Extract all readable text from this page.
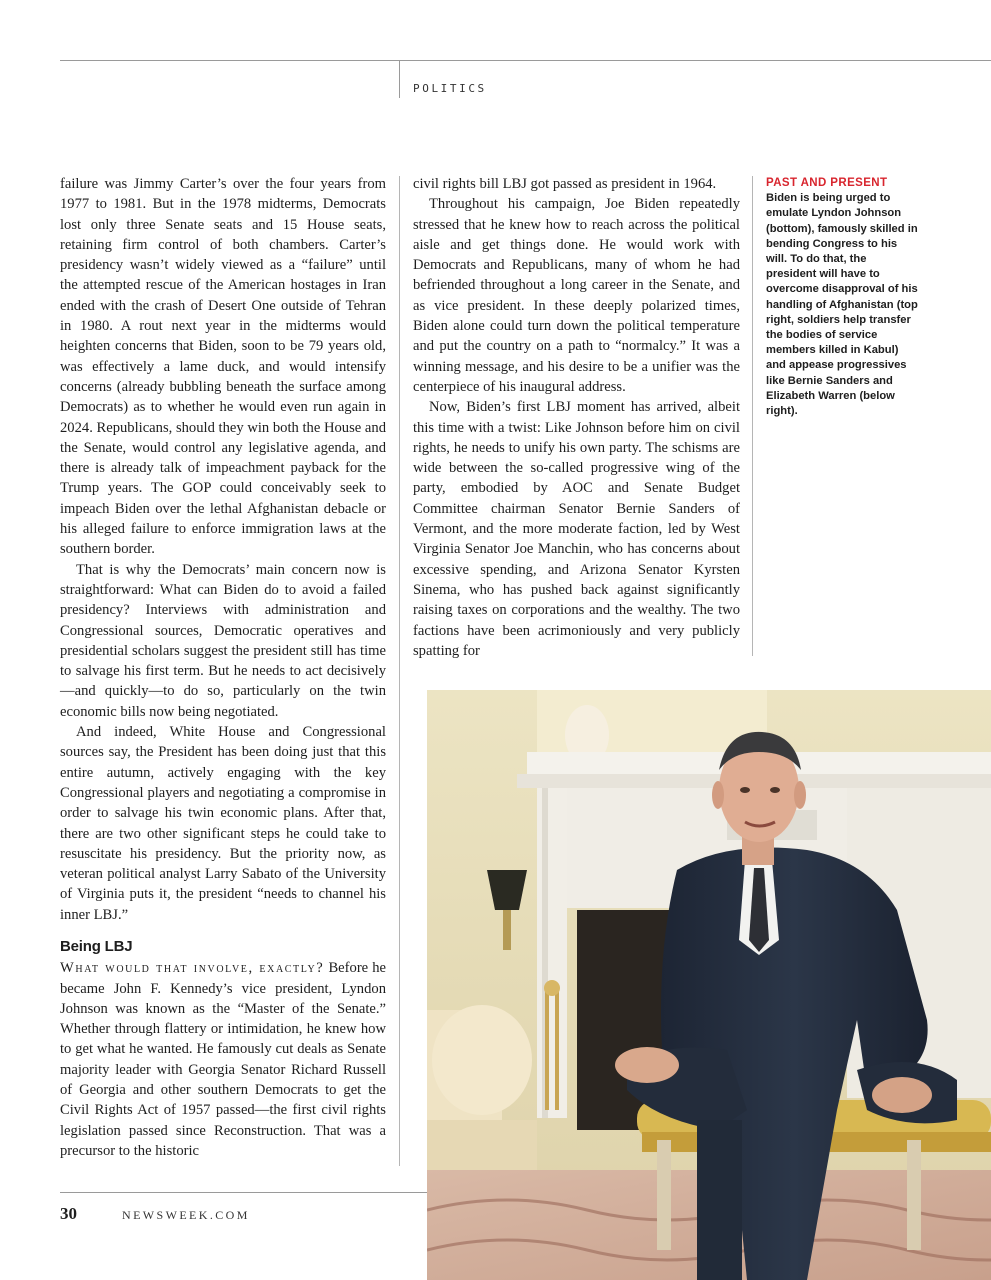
POLITICS

failure was Jimmy Carter’s over the four years from 1977 to 1981. But in the 1978 midterms, Democrats lost only three Senate seats and 15 House seats, retaining firm control of both chambers. Carter’s presidency wasn’t widely viewed as a “failure” until the attempted rescue of the American hostages in Iran ended with the crash of Desert One outside of Tehran in 1980. A rout next year in the midterms would heighten concerns that Biden, soon to be 79 years old, was effectively a lame duck, and would intensify concerns (already bubbling beneath the surface among Democrats) as to whether he would even run again in 2024. Republicans, should they win both the House and the Senate, would control any legislative agenda, and there is already talk of impeachment payback for the Trump years. The GOP could conceivably seek to impeach Biden over the lethal Afghanistan debacle or his alleged failure to enforce immigration laws at the southern border.

That is why the Democrats’ main concern now is straightforward: What can Biden do to avoid a failed presidency? Interviews with administration and Congressional sources, Democratic operatives and presidential scholars suggest the president still has time to salvage his first term. But he needs to act decisively—and quickly—to do so, particularly on the twin economic bills now being negotiated.

And indeed, White House and Congressional sources say, the President has been doing just that this entire autumn, actively engaging with the key Congressional players and negotiating a compromise in order to salvage his twin economic plans. After that, there are two other significant steps he could take to resuscitate his presidency. But the priority now, as veteran political analyst Larry Sabato of the University of Virginia puts it, the president “needs to channel his inner LBJ.”

Being LBJ

What would that involve, exactly? Before he became John F. Kennedy’s vice president, Lyndon Johnson was known as the “Master of the Senate.” Whether through flattery or intimidation, he knew how to get what he wanted. He famously cut deals as Senate majority leader with Georgia Senator Richard Russell of Georgia and other southern Democrats to get the Civil Rights Act of 1957 passed—the first civil rights legislation passed since Reconstruction. That was a precursor to the historic

civil rights bill LBJ got passed as president in 1964.

Throughout his campaign, Joe Biden repeatedly stressed that he knew how to reach across the political aisle and get things done. He would work with Democrats and Republicans, many of whom he had befriended throughout a long career in the Senate, and as vice president. In these deeply polarized times, Biden alone could turn down the political temperature and put the country on a path to “normalcy.” It was a winning message, and his desire to be a unifier was the centerpiece of his inaugural address.

Now, Biden’s first LBJ moment has arrived, albeit this time with a twist: Like Johnson before him on civil rights, he needs to unify his own party. The schisms are wide between the so-called progressive wing of the party, embodied by AOC and Senate Budget Committee chairman Senator Bernie Sanders of Vermont, and the more moderate faction, led by West Virginia Senator Joe Manchin, who has concerns about excessive spending, and Arizona Senator Kyrsten Sinema, who has pushed back against significantly raising taxes on corporations and the wealthy. The two factions have been acrimoniously and very publicly spatting for

PAST AND PRESENT
Biden is being urged to emulate Lyndon Johnson (bottom), famously skilled in bending Congress to his will. To do that, the president will have to overcome disapproval of his handling of Afghanistan (top right, soldiers help transfer the bodies of service members killed in Kabul) and appease progressives like Bernie Sanders and Elizabeth Warren (below right).
30	NEWSWEEK.COM
